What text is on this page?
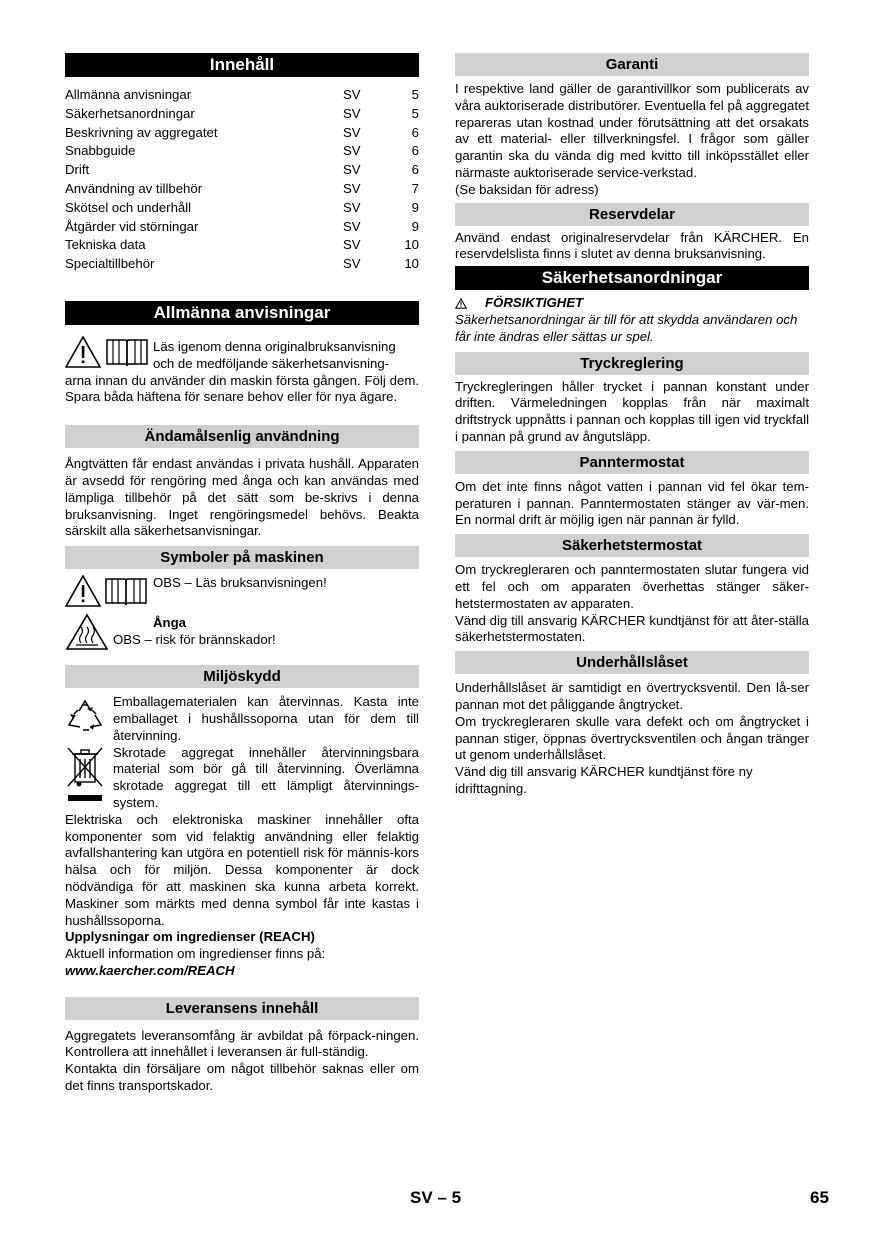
Innehåll
Allmänna anvisningar	SV	5
Säkerhetsanordningar	SV	5
Beskrivning av aggregatet	SV	6
Snabbguide	SV	6
Drift	SV	6
Användning av tillbehör	SV	7
Skötsel och underhåll	SV	9
Åtgärder vid störningar	SV	9
Tekniska data	SV	10
Specialtillbehör	SV	10
Allmänna anvisningar

Läs igenom denna originalbruksanvisning

och de medföljande säkerhetsanvisning-

arna innan du använder din maskin första gången. Följ dem. Spara båda häftena för senare behov eller för nya ägare.

Ändamålsenlig användning

Ångtvätten får endast användas i privata hushåll. Apparaten är avsedd för rengöring med ånga och kan användas med lämpliga tillbehör på det sätt som be-skrivs i denna bruksanvisning. Inget rengöringsmedel behövs. Beakta särskilt alla säkerhetsanvisningar.

Symboler på maskinen

OBS – Läs bruksanvisningen!

Ånga

OBS – risk för brännskador!

Miljöskydd

Emballagematerialen kan återvinnas. Kasta inte emballaget i hushållssoporna utan för dem till återvinning.

Skrotade aggregat innehåller återvinningsbara material som bör gå till återvinning. Överlämna skrotade aggregat till ett lämpligt återvinnings-system.

Elektriska och elektroniska maskiner innehåller ofta komponenter som vid felaktig användning eller felaktig avfallshantering kan utgöra en potentiell risk för männis-kors hälsa och för miljön. Dessa komponenter är dock nödvändiga för att maskinen ska kunna arbeta korrekt. Maskiner som märkts med denna symbol får inte kastas i hushållssoporna.

Upplysningar om ingredienser (REACH)

Aktuell information om ingredienser finns på:

www.kaercher.com/REACH

Leveransens innehåll

Aggregatets leveransomfång är avbildat på förpack-ningen. Kontrollera att innehållet i leveransen är full-ständig.

Kontakta din försäljare om något tillbehör saknas eller om det finns transportskador.

Garanti

I respektive land gäller de garantivillkor som publicerats av våra auktoriserade distributörer. Eventuella fel på aggregatet repareras utan kostnad under förutsättning att det orsakats av ett material- eller tillverkningsfel. I frågor som gäller garantin ska du vända dig med kvitto till inköpsstället eller närmaste auktoriserade service-verkstad.

(Se baksidan för adress)

Reservdelar

Använd endast originalreservdelar från KÄRCHER. En reservdelslista finns i slutet av denna bruksanvisning.

Säkerhetsanordningar
FÖRSIKTIGHET

Säkerhetsanordningar är till för att skydda användaren och får inte ändras eller sättas ur spel.

Tryckreglering

Tryckregleringen håller trycket i pannan konstant under driften. Värmeledningen kopplas från när maximalt driftstryck uppnåtts i pannan och kopplas till igen vid tryckfall i pannan på grund av ångutsläpp.

Panntermostat

Om det inte finns något vatten i pannan vid fel ökar tem-peraturen i pannan. Panntermostaten stänger av vär-men. En normal drift är möjlig igen när pannan är fylld.

Säkerhetstermostat

Om tryckregleraren och panntermostaten slutar fungera vid ett fel och om apparaten överhettas stänger säker-hetstermostaten av apparaten.

Vänd dig till ansvarig KÄRCHER kundtjänst för att åter-ställa säkerhetstermostaten.

Underhållslåset

Underhållslåset är samtidigt en övertrycksventil. Den lå-ser pannan mot det påliggande ångtrycket.

Om tryckregleraren skulle vara defekt och om ångtrycket i pannan stiger, öppnas övertrycksventilen och ångan tränger ut genom underhållslåset.

Vänd dig till ansvarig KÄRCHER kundtjänst före ny idrifttagning.

SV – 5	65
